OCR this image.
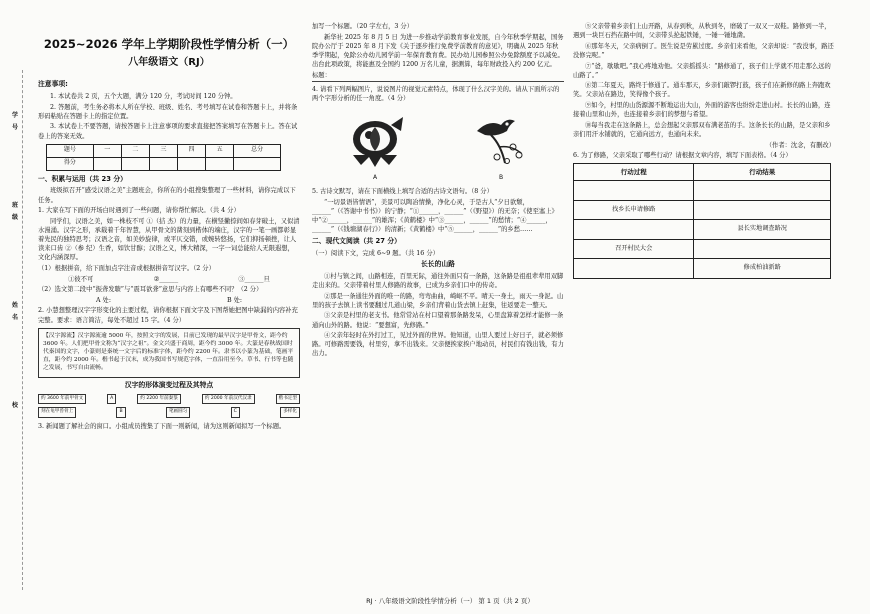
学
号
班
级
姓
名
校
2025~2026 学年上学期阶段性学情分析（一）
八年级语文（RJ）

注意事项:

1. 本试卷共 2 页，五个大题，满分 120 分，考试时间 120 分钟。

2. 答题前，考生务必将本人所在学校、班级、姓名、考号填写在试卷和答题卡上，并将条形码粘贴在答题卡上的指定位置。

3. 本试卷上不要答题，请按答题卡上注意事项的要求直接把答案填写在答题卡上。答在试卷上的答案无效。

题号	一	二	三	四	五	总分
得分						

一、积累与运用（共 23 分）

班级拟召开“感受汉语之美”主题班会，你所在的小组搜集整理了一些材料，请你完成以下任务。

1. 大家在写下面的开场白时遇到了一些问题，请你帮忙解决。（共 4 分）

同学们，汉语之美，如一株枝不可 ①（拮 杰）的力量，在横竖撇捺间如春芽破土，又似清水漫涌。汉字之形，承载着千年智慧，从甲骨文的凿刻到楷体的端庄，汉字的一笔一画都彰显着先民的独特思考；汉语之音，如美妙旋律，或平仄交错，或婉转悠扬，它们抑扬顿挫，让人读来口齿 ②（参 纪）生香，如饮甘醇；汉语之义，博大精深，一字一词总能给人无限遐想，文化内涵深厚。

（1）根据拼音，给下面加点字注音或根据拼音写汉字。（2 分）

①彼不可	②______	③______旦

（2）选文第二段中“振聋发聩”与“震耳欲聋”意思与内容上有哪些不同？（2 分）

A 处:	B 处:

2. 小慧想整理汉字字形变化的主要过程，请你根据下面文字及下图帮她把图中缺漏的内容补充完整。要求：语言简洁，每处不超过 15 字。（4 分）

【汉字源流】汉字源流逾 5000 年，按照文字的发展，目前已发现的最早汉字是甲骨文，距今约 3600 年。人们把甲骨文称为“汉字之祖”。金文兴盛于商周，距今约 3000 年。大篆是春秋战国时代秦国的文字，小篆则是秦统一文字后的标准字体，距今约 2200 年。隶书以小篆为基础，笔画平直，距今约 2000 年。楷书起于汉末，成为我国书写规范字体，一直沿用至今。草书、行书等也随之发展，书写自由流畅。

汉字的形体演变过程及其特点
约 3600 年前甲骨文	A	约 2200 年前秦篆	约 2000 年前汉代汉隶	楷书定型
刻在龟甲兽骨上	B	笔画圆匀	C	多样化

3. 新闻题了解社会的窗口。小组成员搜集了下面一则新闻，请为这则新闻拟写一个标题。

加写一个标题。（20 字左右，3 分）

新华社 2025 年 8 月 5 日 为进一步推动学前教育事业发展，自今年秋季学期起，国务院办公厅于 2025 年 8 月下发《关于逐步推行免费学前教育的意见》，明确从 2025 年秋季学期起，免除公办幼儿园学前一年保育教育费。民办幼儿园参照公办免除额度予以减免。出台此项政策，将能惠及全国约 1200 万名儿童，据测算，每年财政投入约 200 亿元。

标题：

4. 请看下列两幅图片，说说图片的视觉元素特点，体现了什么汉字美的。请从下面所示的两个字形分析的任一角度。（4 分）

A	B

5. 古诗文默写，请在下面横线上填写合适的古诗文语句。（8 分）

“一切景语皆情语”，美景可以陶冶情操，净化心灵，于是古人“夕日欲颓，______”（《答谢中书书》）的宁静；“①______，______”（《野望》）的无奈；《使至塞上》中“②______，______”的雄浑；《黄鹤楼》中“③______，______”的愁情；“④______，______”（《钱塘湖春行》）的清新；《黄鹤楼》中“⑤______，______”的乡愁……

二、现代文阅读（共 27 分）

（一）阅读下文，完成 6~9 题。（共 16 分）

长长的山路

①村与镇之间，山路相连，百里无际，通往外面只有一条路，这条路是祖祖辈辈用双脚走出来的。父亲带着村里人修路的故事，已成为乡亲们口中的传奇。

②那是一条通往外面的唯一的路，弯弯曲曲，崎岖不平。晴天一身土，雨天一身泥。山里的孩子去镇上读书要翻过几道山梁，乡亲们背着山货去镇上赶集，往返要走一整天。

③父亲是村里的老支书。他常常站在村口望着那条路发呆，心里盘算着怎样才能修一条通向山外的路。他说：“要想富，先修路。”

④父亲年轻时在外打过工，见过外面的世界。他知道，山里人要过上好日子，就必须修路。可修路需要钱，村里穷，拿不出钱来。父亲便挨家挨户地动员，村民们有钱出钱，有力出力。

⑤父亲带着乡亲们上山开路，从春到秋，从秋到冬，磨破了一双又一双鞋。路修到一半，遇到一块巨石挡在路中间，父亲带头抡起铁锤，一锤一锤地凿。

⑥那年冬天，父亲病倒了。医生说是劳累过度。乡亲们来看他，父亲却说：“我没事，路还没修完呢。”

⑦“爸，歇歇吧。”我心疼地劝他。父亲摇摇头：“路修通了，孩子们上学就不用走那么远的山路了。”

⑧第二年夏天，路终于修通了。通车那天，乡亲们敲锣打鼓，孩子们在新修的路上奔跑欢笑。父亲站在路边，笑得像个孩子。

⑨如今，村里的山货源源不断地运出大山，外面的游客也纷纷走进山村。长长的山路，连接着山里和山外，也连接着乡亲们的梦想与希望。

⑩每当我走在这条路上，总会想起父亲那双布满老茧的手。这条长长的山路，是父亲和乡亲们用汗水铺就的，它通向远方，也通向未来。

（作者：沈念，有删改）

6. 为了修路，父亲采取了哪些行动？请根据文章内容，填写下面表格。（4 分）

行动过程	行动结果

找乡长申请修路	
	县长实地调查路况
召开村民大会	
	修成柏油新路
RJ · 八年级语文阶段性学情分析（一） 第 1 页（共 2 页）
